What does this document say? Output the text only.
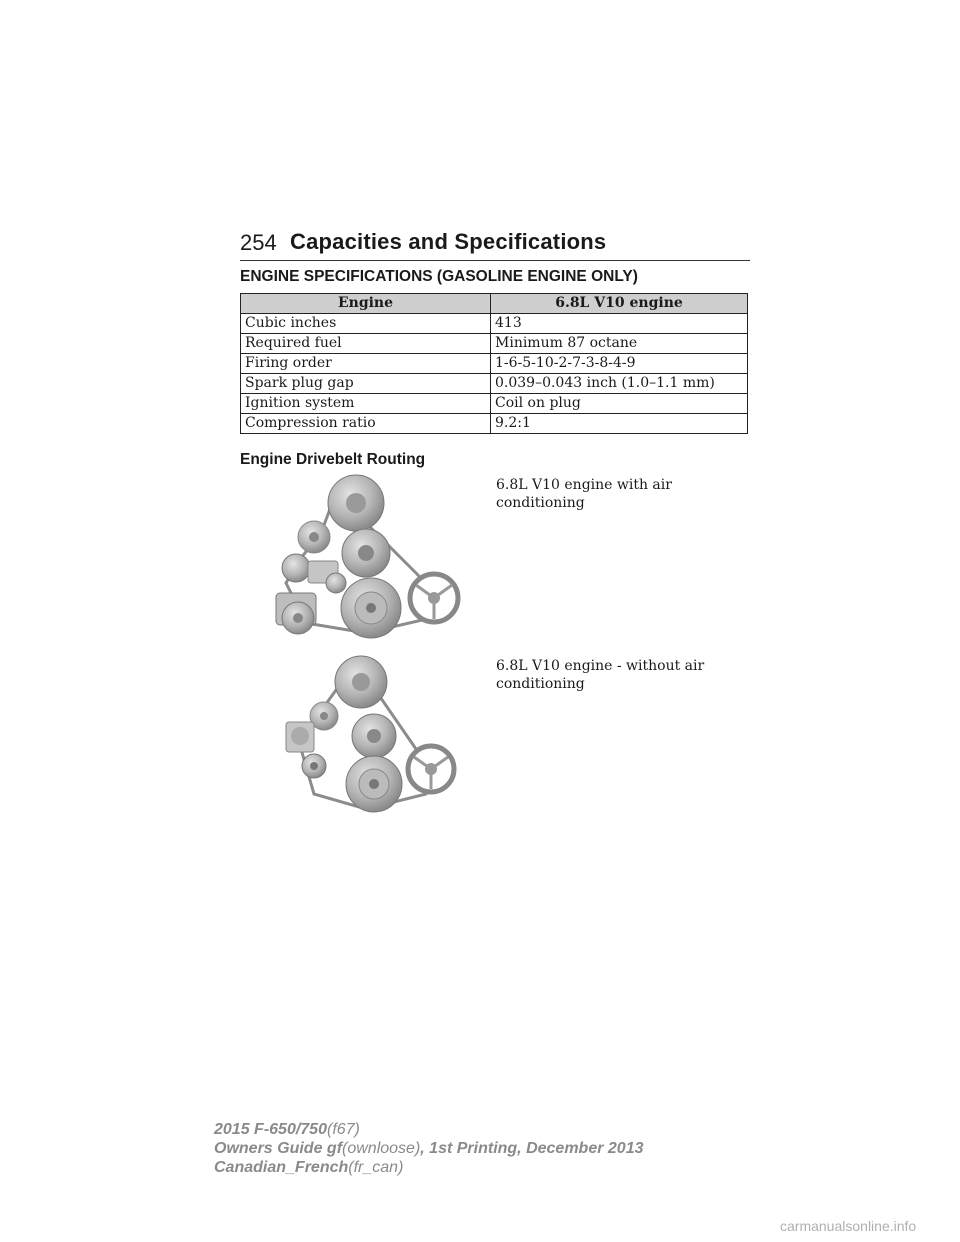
254 Capacities and Specifications
ENGINE SPECIFICATIONS (GASOLINE ENGINE ONLY)
Engine	6.8L V10 engine
Cubic inches	413
Required fuel	Minimum 87 octane
Firing order	1-6-5-10-2-7-3-8-4-9
Spark plug gap	0.039–0.043 inch (1.0–1.1 mm)
Ignition system	Coil on plug
Compression ratio	9.2:1
Engine Drivebelt Routing
6.8L V10 engine with air conditioning
6.8L V10 engine - without air conditioning
2015 F-650/750(f67)
Owners Guide gf(ownloose), 1st Printing, December 2013
Canadian_French(fr_can)
carmanualsonline.info
